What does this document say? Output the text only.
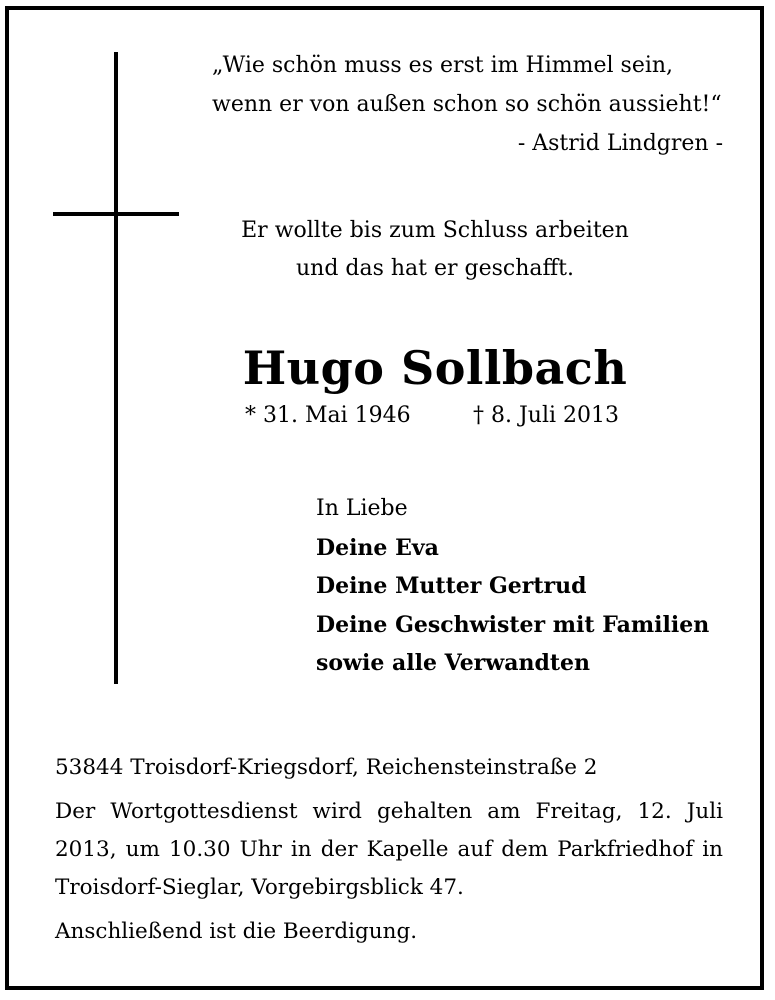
„Wie schön muss es erst im Himmel sein,
wenn er von außen schon so schön aussieht!“
- Astrid Lindgren -
Er wollte bis zum Schluss arbeiten
und das hat er geschafft.
Hugo Sollbach
* 31. Mai 1946	† 8. Juli 2013
In Liebe
Deine Eva
Deine Mutter Gertrud
Deine Geschwister mit Familien
sowie alle Verwandten

53844 Troisdorf-Kriegsdorf, Reichensteinstraße 2

Der Wortgottesdienst wird gehalten am Freitag, 12. Juli 2013, um 10.30 Uhr in der Kapelle auf dem Parkfriedhof in Troisdorf-Sieglar, Vorgebirgsblick 47.

Anschließend ist die Beerdigung.
